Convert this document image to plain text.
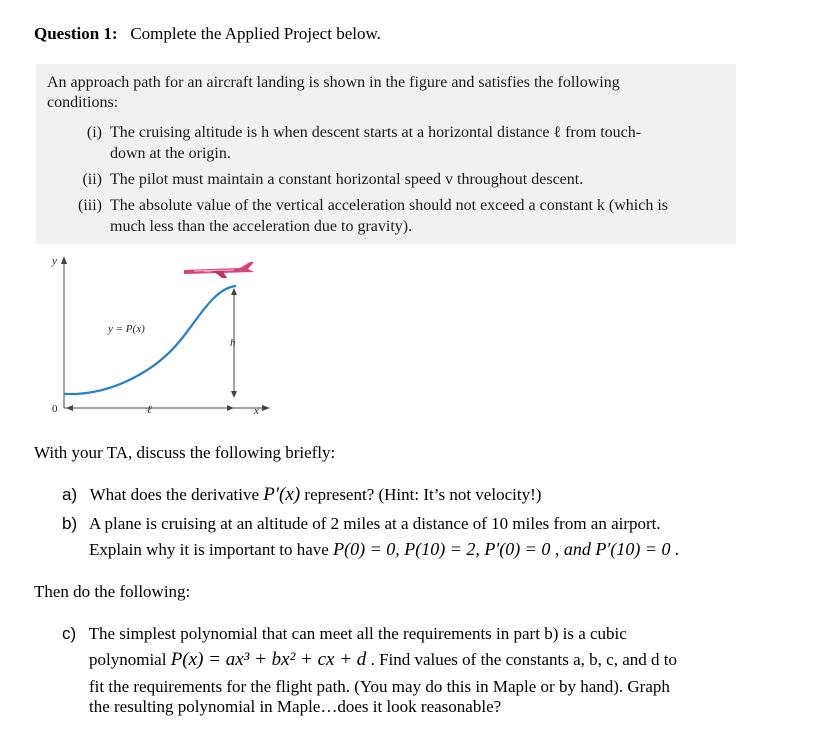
Question 1: Complete the Applied Project below.
An approach path for an aircraft landing is shown in the figure and satisfies the following
conditions:
(i) The cruising altitude is h when descent starts at a horizontal distance ℓ from touch-
down at the origin.
(ii) The pilot must maintain a constant horizontal speed v throughout descent.
(iii) The absolute value of the vertical acceleration should not exceed a constant k (which is
much less than the acceleration due to gravity).
y
x
0
y = P(x)
h
ℓ
━━━━
With your TA, discuss the following briefly:
a) What does the derivative P′(x) represent? (Hint: It’s not velocity!)
b) A plane is cruising at an altitude of 2 miles at a distance of 10 miles from an airport.
Explain why it is important to have P(0) = 0, P(10) = 2, P′(0) = 0 , and P′(10) = 0 .
Then do the following:
c) The simplest polynomial that can meet all the requirements in part b) is a cubic
polynomial P(x) = ax³ + bx² + cx + d . Find values of the constants a, b, c, and d to
fit the requirements for the flight path. (You may do this in Maple or by hand). Graph
the resulting polynomial in Maple…does it look reasonable?
